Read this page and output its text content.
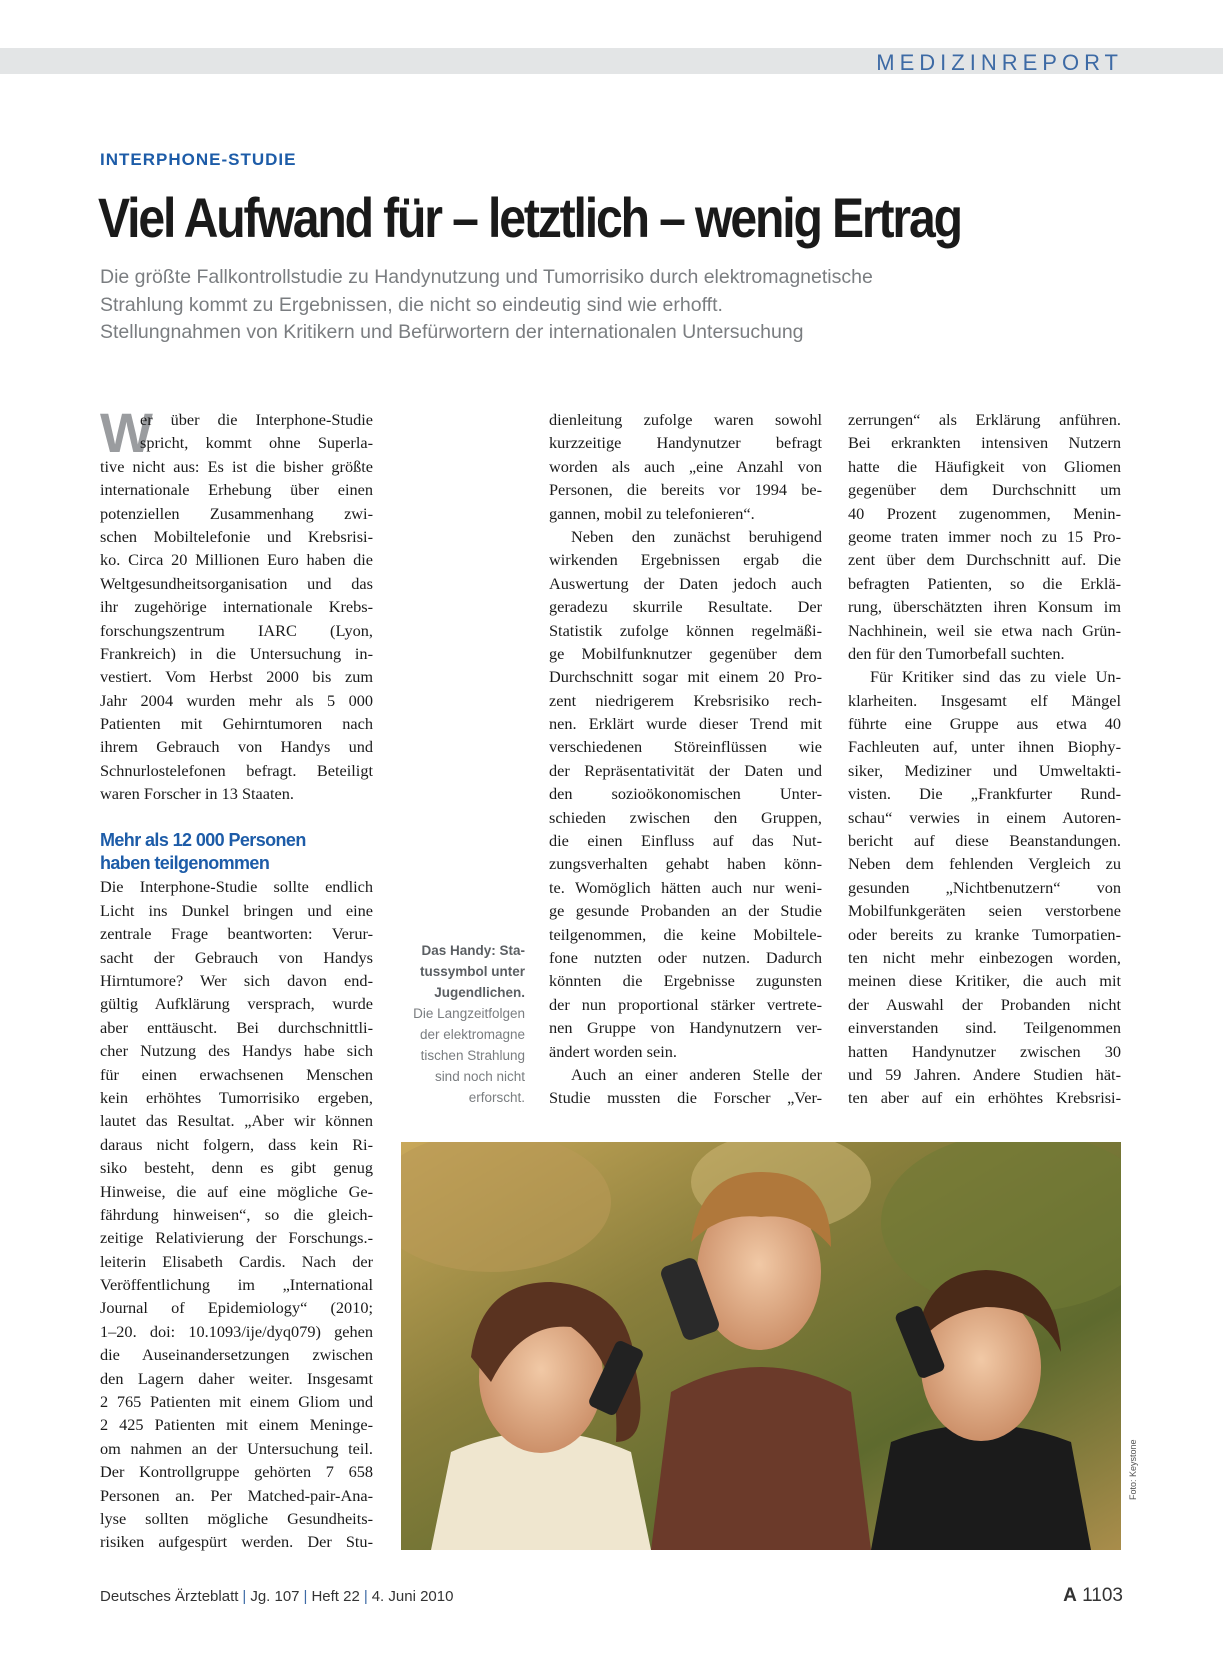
MEDIZINREPORT
INTERPHONE-STUDIE
Viel Aufwand für – letztlich – wenig Ertrag
Die größte Fallkontrollstudie zu Handynutzung und Tumorrisiko durch elektromagnetische
Strahlung kommt zu Ergebnissen, die nicht so eindeutig sind wie erhofft.
Stellungnahmen von Kritikern und Befürwortern der internationalen Untersuchung
W
er über die Interphone-Studie
spricht, kommt ohne Superla-
tive nicht aus: Es ist die bisher größte
internationale Erhebung über einen
potenziellen Zusammenhang zwi-
schen Mobiltelefonie und Krebsrisi-
ko. Circa 20 Millionen Euro haben die
Weltgesundheitsorganisation und das
ihr zugehörige internationale Krebs-
forschungszentrum IARC (Lyon,
Frankreich) in die Untersuchung in-
vestiert. Vom Herbst 2000 bis zum
Jahr 2004 wurden mehr als 5 000
Patienten mit Gehirntumoren nach
ihrem Gebrauch von Handys und
Schnurlostelefonen befragt. Beteiligt
waren Forscher in 13 Staaten.
Mehr als 12 000 Personen
haben teilgenommen
Die Interphone-Studie sollte endlich
Licht ins Dunkel bringen und eine
zentrale Frage beantworten: Verur-
sacht der Gebrauch von Handys
Hirntumore? Wer sich davon end-
gültig Aufklärung versprach, wurde
aber enttäuscht. Bei durchschnittli-
cher Nutzung des Handys habe sich
für einen erwachsenen Menschen
kein erhöhtes Tumorrisiko ergeben,
lautet das Resultat. „Aber wir können
daraus nicht folgern, dass kein Ri-
siko besteht, denn es gibt genug
Hinweise, die auf eine mögliche Ge-
fährdung hinweisen“, so die gleich-
zeitige Relativierung der Forschungs.-
leiterin Elisabeth Cardis. Nach der
Veröffentlichung im „International
Journal of Epidemiology“ (2010;
1–20. doi: 10.1093/ije/dyq079) gehen
die Auseinandersetzungen zwischen
den Lagern daher weiter. Insgesamt
2 765 Patienten mit einem Gliom und
2 425 Patienten mit einem Meninge-
om nahmen an der Untersuchung teil.
Der Kontrollgruppe gehörten 7 658
Personen an. Per Matched-pair-Ana-
lyse sollten mögliche Gesundheits-
risiken aufgespürt werden. Der Stu-
dienleitung zufolge waren sowohl
kurzzeitige Handynutzer befragt
worden als auch „eine Anzahl von
Personen, die bereits vor 1994 be-
gannen, mobil zu telefonieren“.
Neben den zunächst beruhigend
wirkenden Ergebnissen ergab die
Auswertung der Daten jedoch auch
geradezu skurrile Resultate. Der
Statistik zufolge können regelmäßi-
ge Mobilfunknutzer gegenüber dem
Durchschnitt sogar mit einem 20 Pro-
zent niedrigerem Krebsrisiko rech-
nen. Erklärt wurde dieser Trend mit
verschiedenen Störeinflüssen wie
der Repräsentativität der Daten und
den sozioökonomischen Unter-
schieden zwischen den Gruppen,
die einen Einfluss auf das Nut-
zungsverhalten gehabt haben könn-
te. Womöglich hätten auch nur weni-
ge gesunde Probanden an der Studie
teilgenommen, die keine Mobiltele-
fone nutzten oder nutzen. Dadurch
könnten die Ergebnisse zugunsten
der nun proportional stärker vertrete-
nen Gruppe von Handynutzern ver-
ändert worden sein.
Auch an einer anderen Stelle der
Studie mussten die Forscher „Ver-
zerrungen“ als Erklärung anführen.
Bei erkrankten intensiven Nutzern
hatte die Häufigkeit von Gliomen
gegenüber dem Durchschnitt um
40 Prozent zugenommen, Menin-
geome traten immer noch zu 15 Pro-
zent über dem Durchschnitt auf. Die
befragten Patienten, so die Erklä-
rung, überschätzten ihren Konsum im
Nachhinein, weil sie etwa nach Grün-
den für den Tumorbefall suchten.
Für Kritiker sind das zu viele Un-
klarheiten. Insgesamt elf Mängel
führte eine Gruppe aus etwa 40
Fachleuten auf, unter ihnen Biophy-
siker, Mediziner und Umweltakti-
visten. Die „Frankfurter Rund-
schau“ verwies in einem Autoren-
bericht auf diese Beanstandungen.
Neben dem fehlenden Vergleich zu
gesunden „Nichtbenutzern“ von
Mobilfunkgeräten seien verstorbene
oder bereits zu kranke Tumorpatien-
ten nicht mehr einbezogen worden,
meinen diese Kritiker, die auch mit
der Auswahl der Probanden nicht
einverstanden sind. Teilgenommen
hatten Handynutzer zwischen 30
und 59 Jahren. Andere Studien hät-
ten aber auf ein erhöhtes Krebsrisi-
Das Handy: Sta-
tussymbol unter
Jugendlichen.
Die Langzeitfolgen
der elektromagne
tischen Strahlung
sind noch nicht
erforscht.
Foto: Keystone
Deutsches Ärzteblatt | Jg. 107 | Heft 22 | 4. Juni 2010	A 1103
